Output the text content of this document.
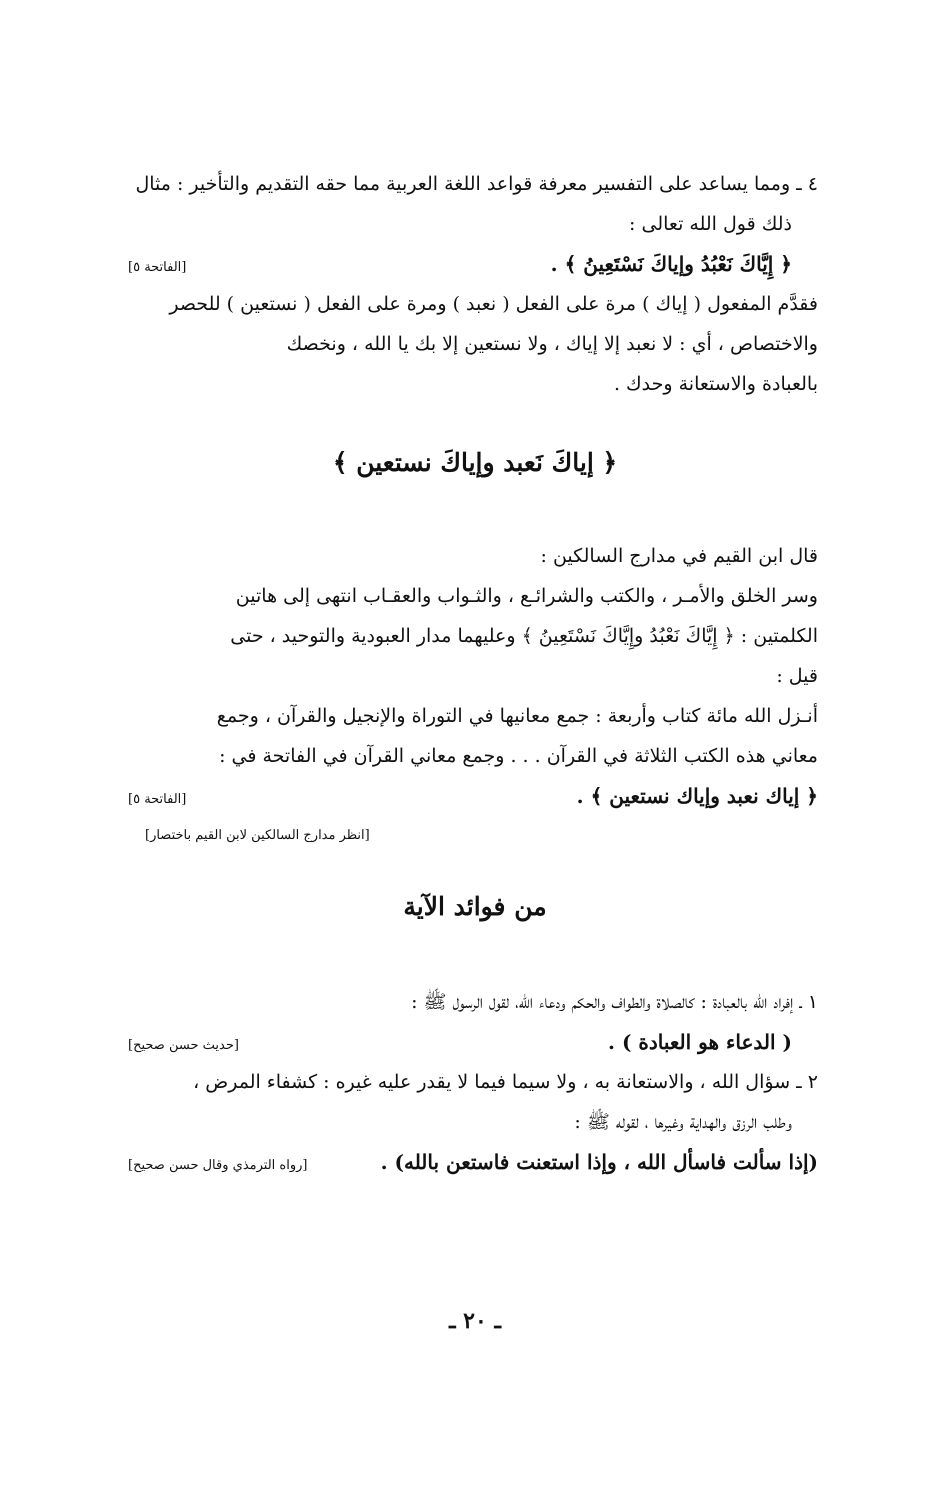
٤ ـ ومما يساعد على التفسير معرفة قواعد اللغة العربية مما حقه التقديم والتأخير : مثال
ذلك قول الله تعالى :
﴿ إِيَّاكَ نَعْبُدُ وإياكَ نَسْتَعِينُ ﴾ .
[الفاتحة ٥]
فقدَّم المفعول ( إياك ) مرة على الفعل ( نعبد ) ومرة على الفعل ( نستعين ) للحصر
والاختصاص ، أي : لا نعبد إلا إياك ، ولا نستعين إلا بك يا الله ، ونخصك
بالعبادة والاستعانة وحدك .
﴿ إياكَ نَعبد وإياكَ نستعين ﴾
قال ابن القيم في مدارج السالكين :
وسر الخلق والأمـر ، والكتب والشرائـع ، والثـواب والعقـاب انتهى إلى هاتين
الكلمتين : ﴿ إِيَّاكَ نَعْبُدُ وإِيَّاكَ نَسْتَعِينُ ﴾ وعليهما مدار العبودية والتوحيد ، حتى
قيل :
أنـزل الله مائة كتاب وأربعة : جمع معانيها في التوراة والإنجيل والقرآن ، وجمع
معاني هذه الكتب الثلاثة في القرآن . . . وجمع معاني القرآن في الفاتحة في :
﴿ إياك نعبد وإياك نستعين ﴾ .
[الفاتحة ٥]
[انظر مدارج السالكين لابن القيم باختصار]
من فوائد الآية
١ ـ إفراد الله بالعبادة : كالصلاة والطواف والحكم ودعاء الله، لقول الرسول ﷺ :
( الدعاء هو العبادة ) .
[حديث حسن صحيح]
٢ ـ سؤال الله ، والاستعانة به ، ولا سيما فيما لا يقدر عليه غيره : كشفاء المرض ،
وطلب الرزق والهداية وغيرها ، لقوله ﷺ :
(إذا سألت فاسأل الله ، وإذا استعنت فاستعن بالله) .
[رواه الترمذي وقال حسن صحيح]
ـ ٢٠ ـ
